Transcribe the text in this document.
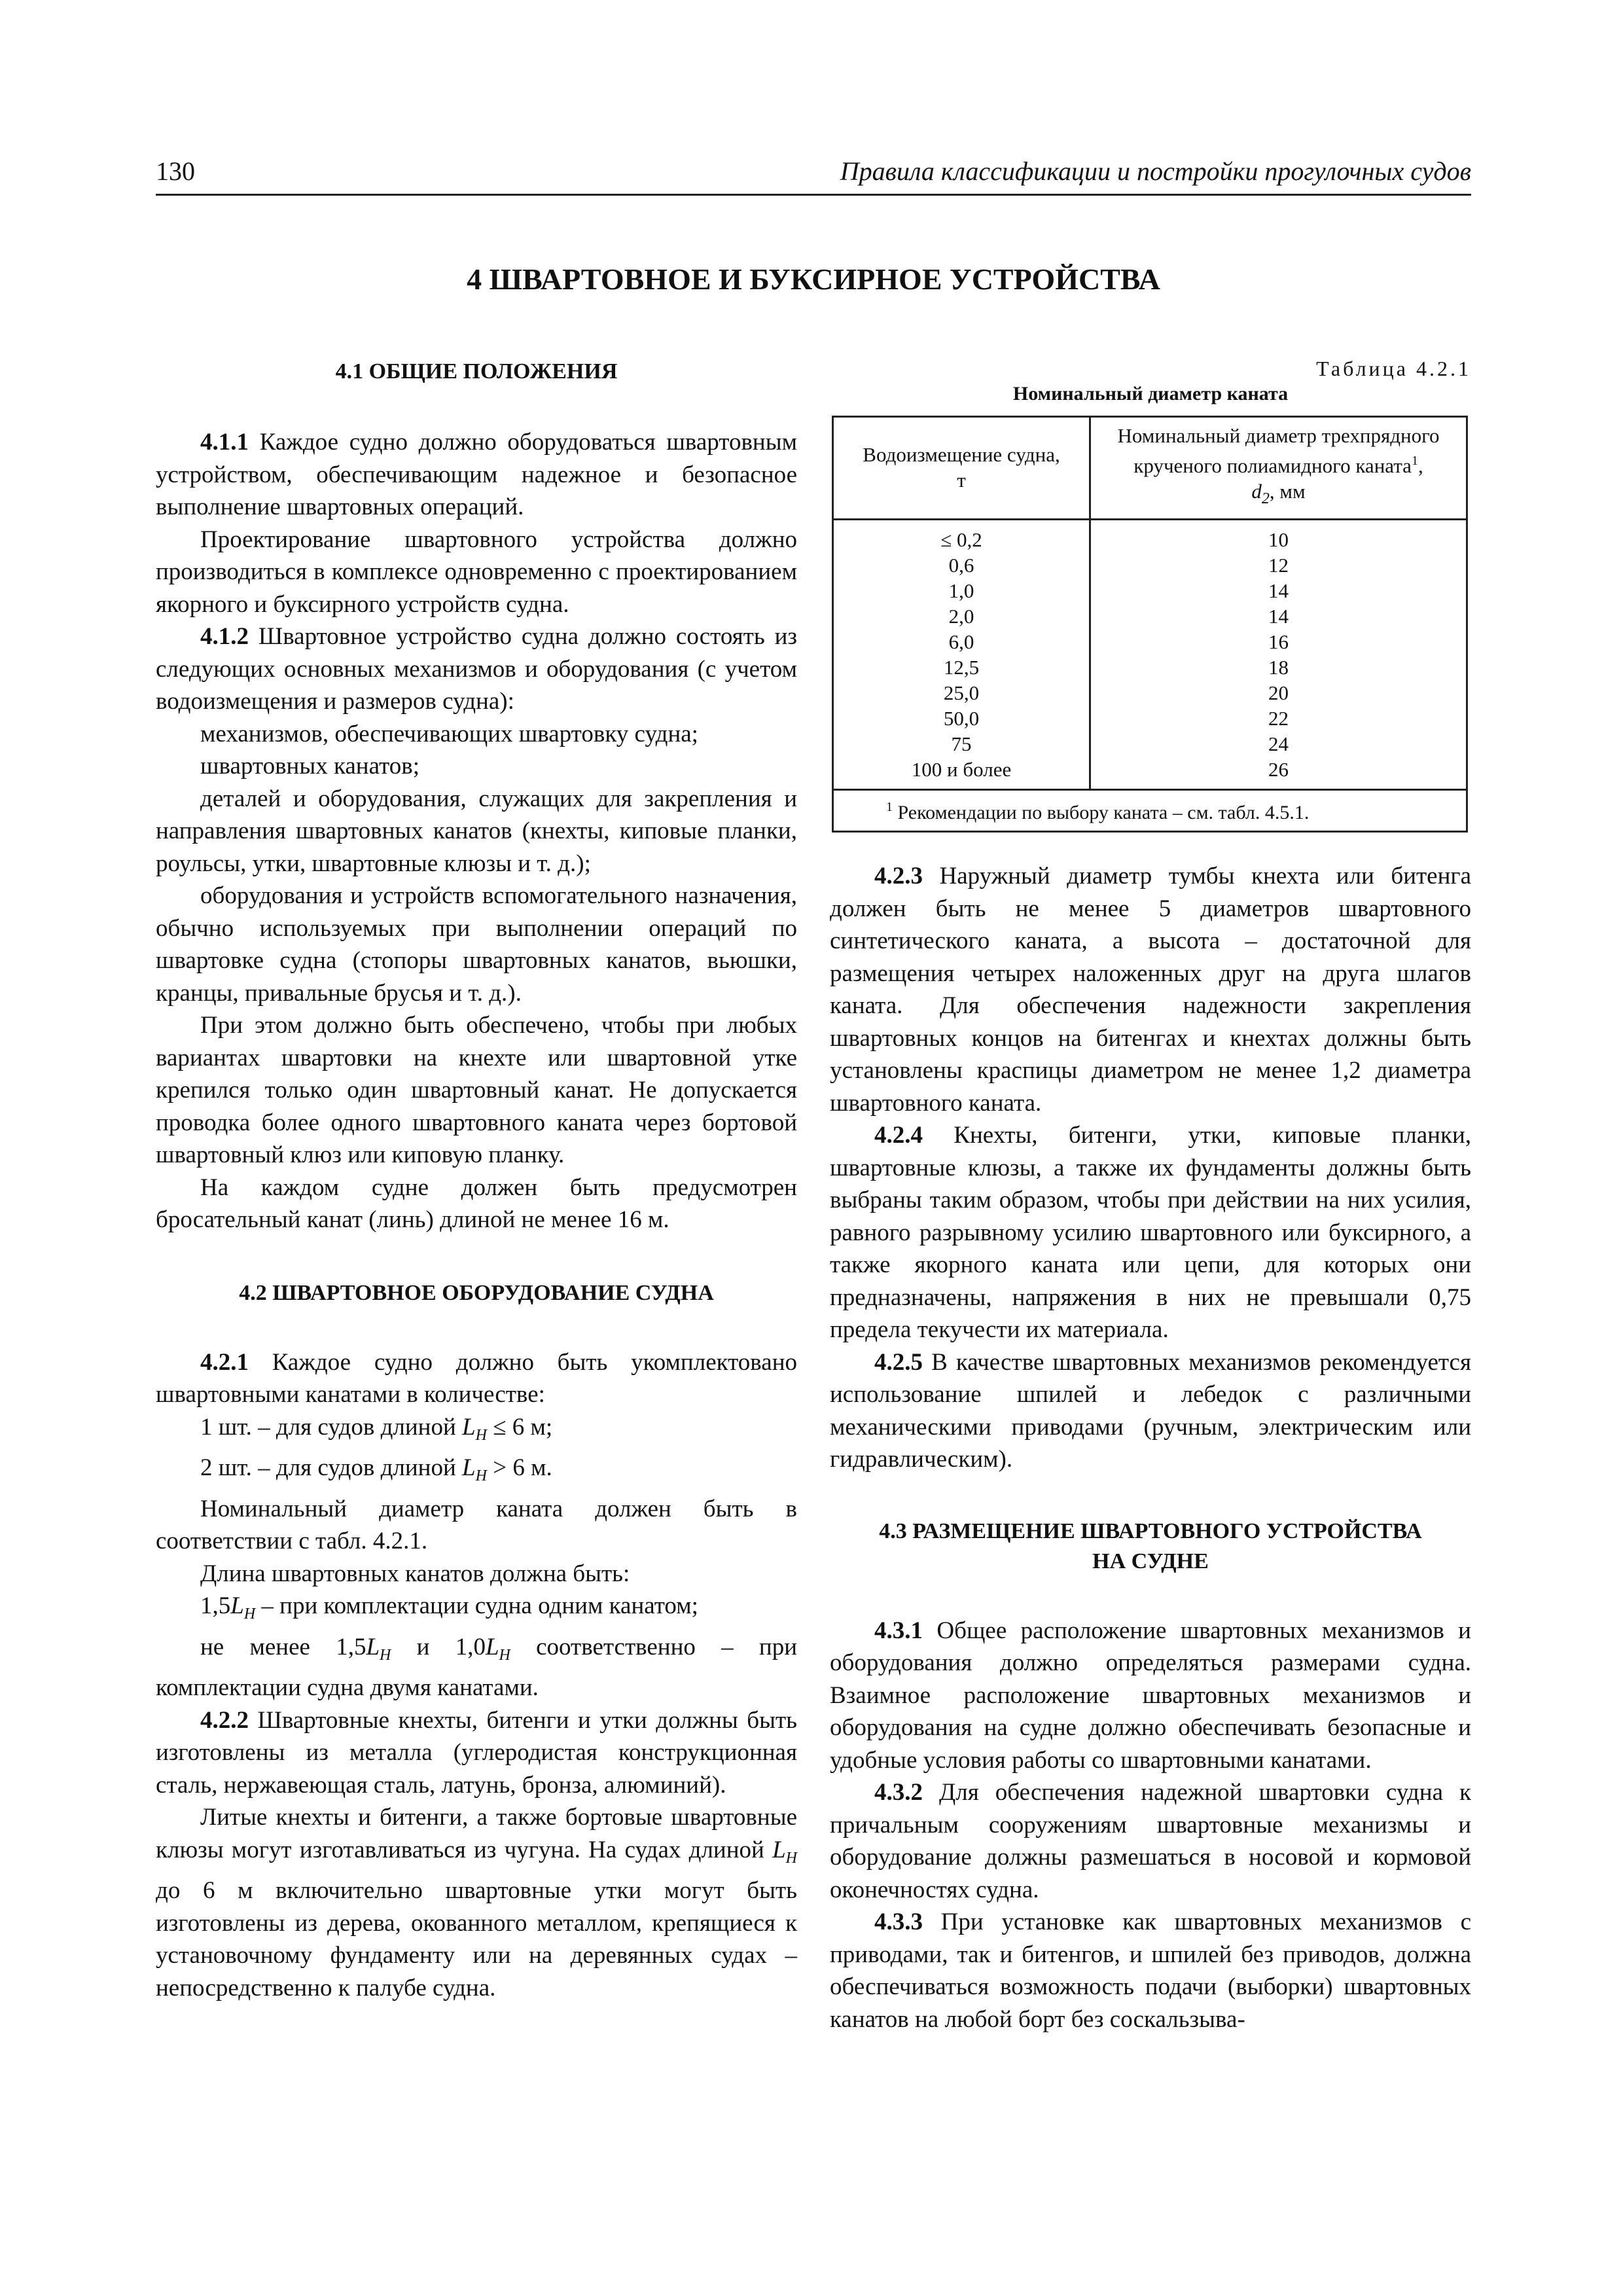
130	Правила классификации и постройки прогулочных судов
4 ШВАРТОВНОЕ И БУКСИРНОЕ УСТРОЙСТВА
4.1 ОБЩИЕ ПОЛОЖЕНИЯ

4.1.1 Каждое судно должно оборудоваться швартовным устройством, обеспечивающим надежное и безопасное выполнение швартовных операций.

Проектирование швартовного устройства должно производиться в комплексе одновременно с проектированием якорного и буксирного устройств судна.

4.1.2 Швартовное устройство судна должно состоять из следующих основных механизмов и оборудования (с учетом водоизмещения и размеров судна):

механизмов, обеспечивающих швартовку судна;

швартовных канатов;

деталей и оборудования, служащих для закрепления и направления швартовных канатов (кнехты, киповые планки, роульсы, утки, швартовные клюзы и т. д.);

оборудования и устройств вспомогательного назначения, обычно используемых при выполнении операций по швартовке судна (стопоры швартовных канатов, вьюшки, кранцы, привальные брусья и т. д.).

При этом должно быть обеспечено, чтобы при любых вариантах швартовки на кнехте или швартовной утке крепился только один швартовный канат. Не допускается проводка более одного швартовного каната через бортовой швартовный клюз или киповую планку.

На каждом судне должен быть предусмотрен бросательный канат (линь) длиной не менее 16 м.

4.2 ШВАРТОВНОЕ ОБОРУДОВАНИЕ СУДНА

4.2.1 Каждое судно должно быть укомплектовано швартовными канатами в количестве:

1 шт. – для судов длиной $L_H \le 6$ м;

2 шт. – для судов длиной $L_H > 6$ м.

Номинальный диаметр каната должен быть в соответствии с табл. 4.2.1.

Длина швартовных канатов должна быть:

$1,5L_H$ – при комплектации судна одним канатом;

не менее $1,5L_H$ и $1,0L_H$ соответственно – при комплектации судна двумя канатами.

4.2.2 Швартовные кнехты, битенги и утки должны быть изготовлены из металла (углеродистая конструкционная сталь, нержавеющая сталь, латунь, бронза, алюминий).

Литые кнехты и битенги, а также бортовые швартовные клюзы могут изготавливаться из чугуна. На судах длиной $L_H$ до 6 м включительно швартовные утки могут быть изготовлены из дерева, окованного металлом, крепящиеся к установочному фундаменту или на деревянных судах – непосредственно к палубе судна.

Таблица 4.2.1
Номинальный диаметр каната
Водоизмещение судна,
т	Номинальный диаметр трехпрядного
крученого полиамидного каната$^1$,
$d_2$, мм
≤ 0,2	10
0,6	12
1,0	14
2,0	14
6,0	16
12,5	18
25,0	20
50,0	22
75	24
100 и более	26
$^1$ Рекомендации по выбору каната – см. табл. 4.5.1.	

4.2.3 Наружный диаметр тумбы кнехта или битенга должен быть не менее 5 диаметров швартовного синтетического каната, а высота – достаточной для размещения четырех наложенных друг на друга шлагов каната. Для обеспечения надежности закрепления швартовных концов на битенгах и кнехтах должны быть установлены краспицы диаметром не менее 1,2 диаметра швартовного каната.

4.2.4 Кнехты, битенги, утки, киповые планки, швартовные клюзы, а также их фундаменты должны быть выбраны таким образом, чтобы при действии на них усилия, равного разрывному усилию швартовного или буксирного, а также якорного каната или цепи, для которых они предназначены, напряжения в них не превышали 0,75 предела текучести их материала.

4.2.5 В качестве швартовных механизмов рекомендуется использование шпилей и лебедок с различными механическими приводами (ручным, электрическим или гидравлическим).

4.3 РАЗМЕЩЕНИЕ ШВАРТОВНОГО УСТРОЙСТВА
НА СУДНЕ

4.3.1 Общее расположение швартовных механизмов и оборудования должно определяться размерами судна. Взаимное расположение швартовных механизмов и оборудования на судне должно обеспечивать безопасные и удобные условия работы со швартовными канатами.

4.3.2 Для обеспечения надежной швартовки судна к причальным сооружениям швартовные механизмы и оборудование должны размешаться в носовой и кормовой оконечностях судна.

4.3.3 При установке как швартовных механизмов с приводами, так и битенгов, и шпилей без приводов, должна обеспечиваться возможность подачи (выборки) швартовных канатов на любой борт без соскальзыва-
